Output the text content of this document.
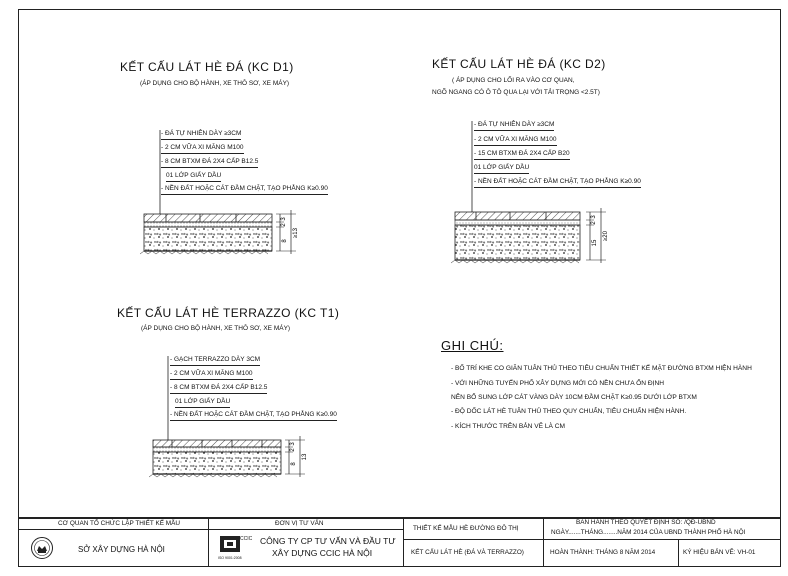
KẾT CẤU LÁT HÈ ĐÁ (KC D1)
(ÁP DỤNG CHO BỘ HÀNH, XE THÔ SƠ, XE MÁY)
- ĐÁ TỰ NHIÊN DÀY ≥3CM
- 2 CM VỮA XI MĂNG M100
- 8 CM BTXM ĐÁ 2X4 CẤP B12.5
01 LỚP GIẤY DẦU
- NỀN ĐẤT HOẶC CÁT ĐẦM CHẶT, TẠO PHẲNG K≥0.90
KẾT CẤU LÁT HÈ ĐÁ (KC D2)
( ÁP DỤNG CHO LỐI RA VÀO CƠ QUAN,
NGÕ NGANG CÓ Ô TÔ QUA LẠI VỚI TẢI TRỌNG <2.5T)
- ĐÁ TỰ NHIÊN DÀY ≥3CM
- 2 CM VỮA XI MĂNG M100
- 15 CM BTXM ĐÁ 2X4 CẤP B20
01 LỚP GIẤY DẦU
- NỀN ĐẤT HOẶC CÁT ĐẦM CHẶT, TẠO PHẲNG K≥0.90
KẾT CẤU LÁT HÈ TERRAZZO (KC T1)
(ÁP DỤNG CHO BỘ HÀNH, XE THÔ SƠ, XE MÁY)
- GẠCH TERRAZZO DÀY 3CM
- 2 CM VỮA XI MĂNG M100
- 8 CM BTXM ĐÁ 2X4 CẤP B12.5
01 LỚP GIẤY DẦU
- NỀN ĐẤT HOẶC CÁT ĐẦM CHẶT, TẠO PHẲNG K≥0.90
GHI CHÚ:
- BỐ TRÍ KHE CO GIÃN TUÂN THỦ THEO TIÊU CHUẨN THIẾT KẾ MẶT ĐƯỜNG BTXM HIỆN HÀNH
- VỚI NHỮNG TUYẾN PHỐ XÂY DỰNG MỚI CÓ NỀN CHƯA ỔN ĐỊNH
NÊN BỔ SUNG LỚP CÁT VÀNG DÀY 10CM ĐẦM CHẶT K≥0.95 DƯỚI LỚP BTXM
- ĐỘ DỐC LÁT HÈ TUÂN THỦ THEO QUY CHUẨN, TIÊU CHUẨN HIỆN HÀNH.
- KÍCH THƯỚC TRÊN BẢN VẼ LÀ CM
3
2
8
≥13
3
2
15
≥20
3
2
8
13
CƠ QUAN TỔ CHỨC LẬP THIẾT KẾ MẪU
SỞ XÂY DỰNG HÀ NỘI
ĐƠN VỊ TƯ VẤN
CCIC
ISO 9001:2008
CÔNG TY CP TƯ VẤN VÀ ĐẦU TƯ
XÂY DỰNG CCIC HÀ NỘI
THIẾT KẾ MẪU HÈ ĐƯỜNG ĐÔ THỊ
KẾT CẤU LÁT HÈ (ĐÁ VÀ TERRAZZO)
BAN HÀNH THEO QUYẾT ĐỊNH SỐ: /QĐ-UBND
NGÀY.......THÁNG........NĂM 2014 CỦA UBND THÀNH PHỐ HÀ NỘI
HOÀN THÀNH: THÁNG 8 NĂM 2014	KÝ HIỆU BẢN VẼ: VH-01
